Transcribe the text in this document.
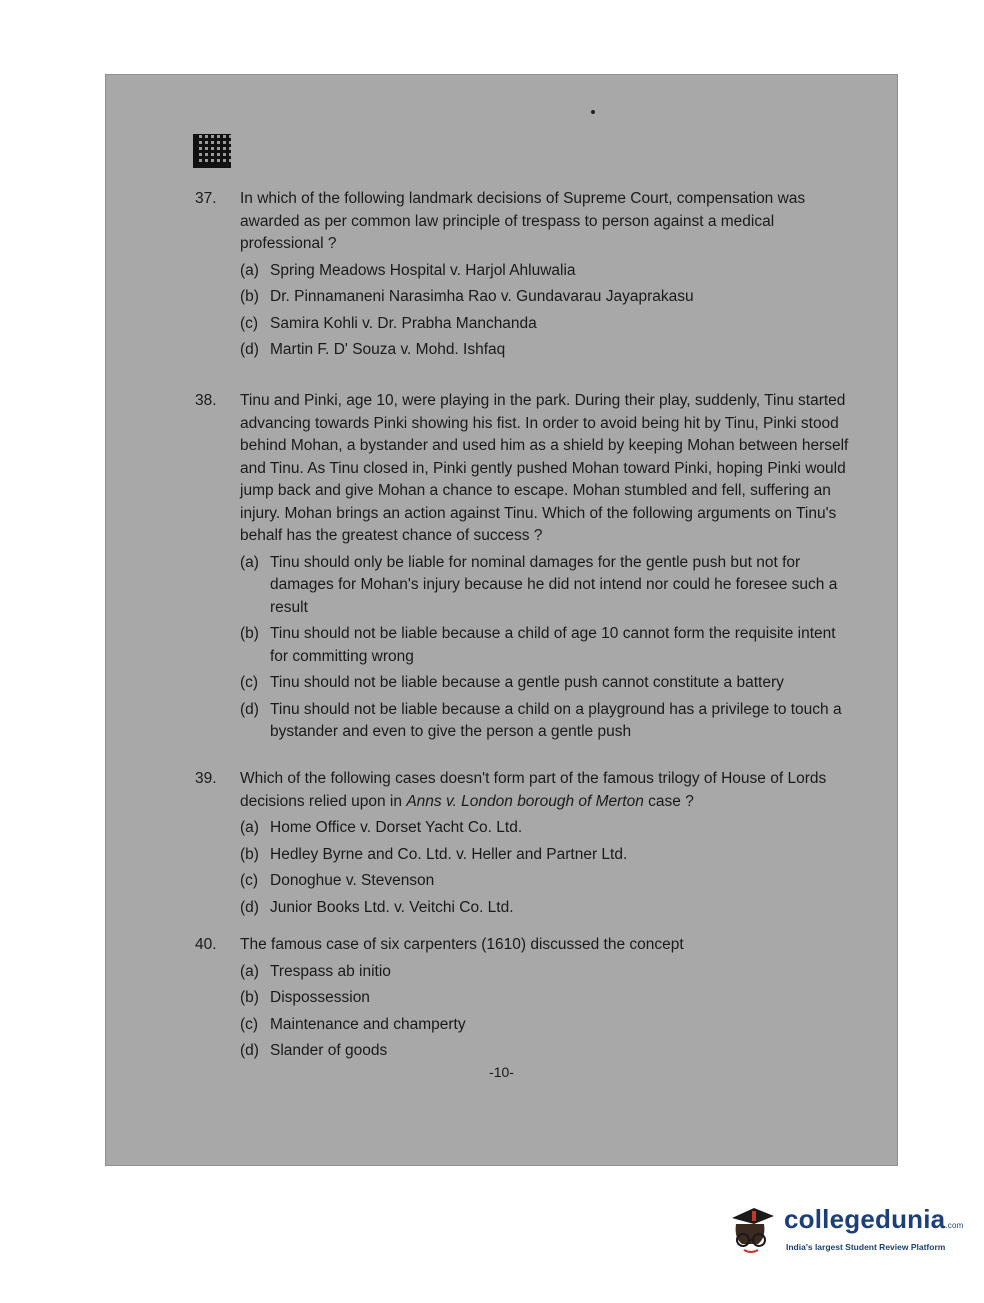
37. In which of the following landmark decisions of Supreme Court, compensation was awarded as per common law principle of trespass to person against a medical professional ?
(a) Spring Meadows Hospital v. Harjol Ahluwalia
(b) Dr. Pinnamaneni Narasimha Rao v. Gundavarau Jayaprakasu
(c) Samira Kohli v. Dr. Prabha Manchanda
(d) Martin F. D' Souza v. Mohd. Ishfaq
38. Tinu and Pinki, age 10, were playing in the park. During their play, suddenly, Tinu started advancing towards Pinki showing his fist. In order to avoid being hit by Tinu, Pinki stood behind Mohan, a bystander and used him as a shield by keeping Mohan between herself and Tinu. As Tinu closed in, Pinki gently pushed Mohan toward Pinki, hoping Pinki would jump back and give Mohan a chance to escape. Mohan stumbled and fell, suffering an injury. Mohan brings an action against Tinu. Which of the following arguments on Tinu's behalf has the greatest chance of success ?
(a) Tinu should only be liable for nominal damages for the gentle push but not for damages for Mohan's injury because he did not intend nor could he foresee such a result
(b) Tinu should not be liable because a child of age 10 cannot form the requisite intent for committing wrong
(c) Tinu should not be liable because a gentle push cannot constitute a battery
(d) Tinu should not be liable because a child on a playground has a privilege to touch a bystander and even to give the person a gentle push
39. Which of the following cases doesn't form part of the famous trilogy of House of Lords decisions relied upon in Anns v. London borough of Merton case ?
(a) Home Office v. Dorset Yacht Co. Ltd.
(b) Hedley Byrne and Co. Ltd. v. Heller and Partner Ltd.
(c) Donoghue v. Stevenson
(d) Junior Books Ltd. v. Veitchi Co. Ltd.
40. The famous case of six carpenters (1610) discussed the concept
(a) Trespass ab initio
(b) Dispossession
(c) Maintenance and champerty
(d) Slander of goods
-10-
collegedunia.com
India's largest Student Review Platform
